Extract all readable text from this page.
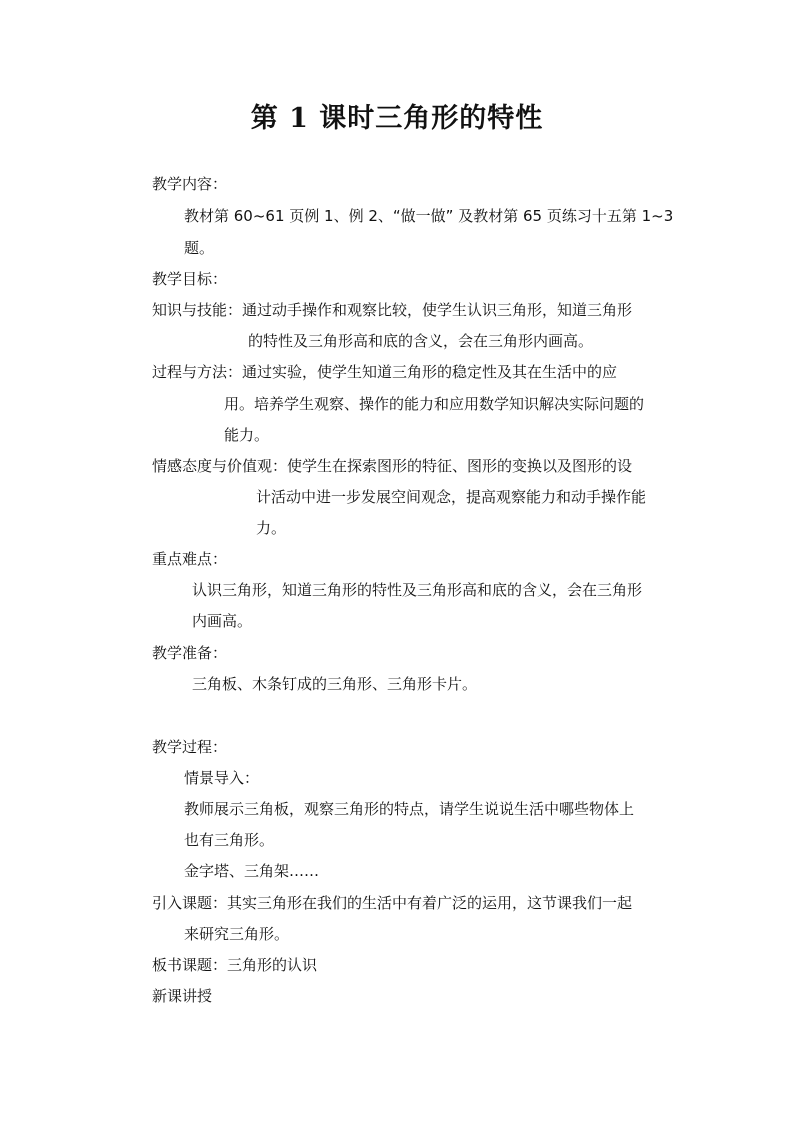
第 1 课时三角形的特性

教学内容：

教材第 60~61 页例 1、例 2、“做一做” 及教材第 65 页练习十五第 1~3

题。

教学目标：

知识与技能：通过动手操作和观察比较，使学生认识三角形，知道三角形

的特性及三角形高和底的含义，会在三角形内画高。

过程与方法：通过实验，使学生知道三角形的稳定性及其在生活中的应

用。培养学生观察、操作的能力和应用数学知识解决实际问题的

能力。

情感态度与价值观：使学生在探索图形的特征、图形的变换以及图形的设

计活动中进一步发展空间观念，提高观察能力和动手操作能

力。

重点难点：

认识三角形，知道三角形的特性及三角形高和底的含义，会在三角形

内画高。

教学准备：

三角板、木条钉成的三角形、三角形卡片。

教学过程：

情景导入：

教师展示三角板，观察三角形的特点，请学生说说生活中哪些物体上

也有三角形。

金字塔、三角架……

引入课题：其实三角形在我们的生活中有着广泛的运用，这节课我们一起

来研究三角形。

板书课题：三角形的认识

新课讲授
